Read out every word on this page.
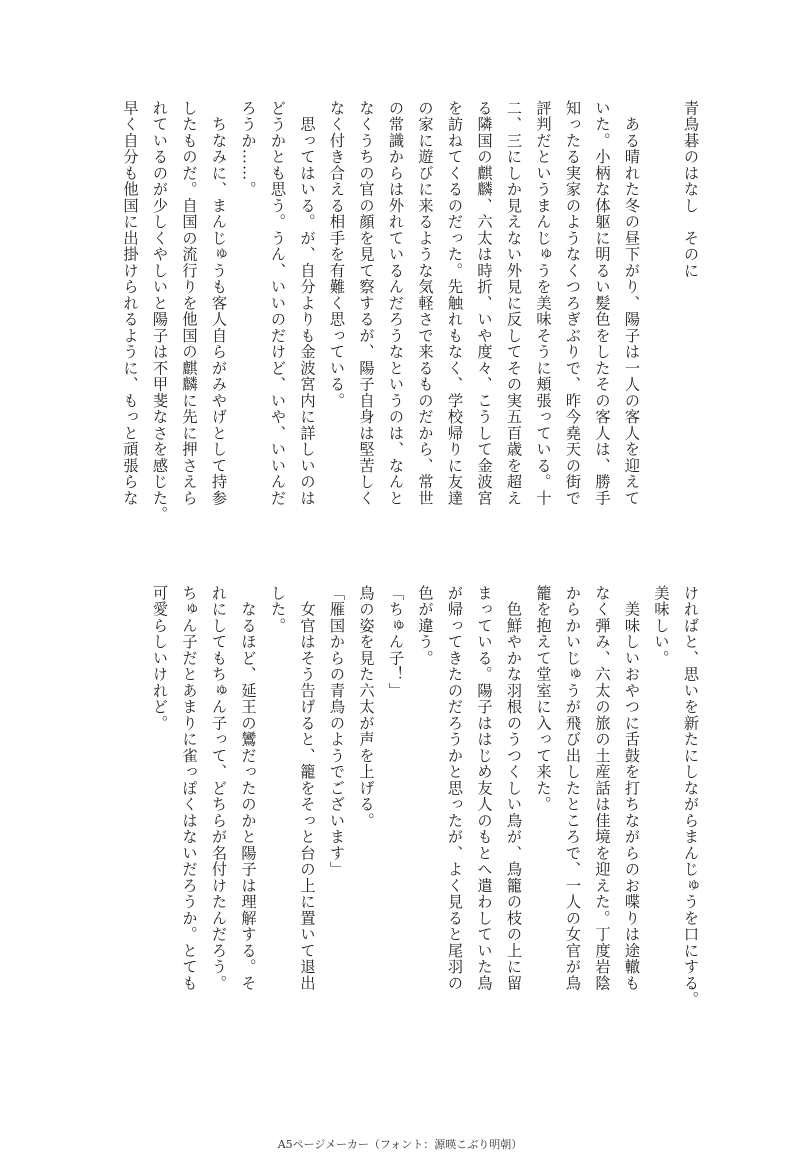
青鳥碁のはなし　そのに

　ある晴れた冬の昼下がり、陽子は一人の客人を迎えて
いた。小柄な体躯に明るい髪色をしたその客人は、勝手
知ったる実家のようなくつろぎぶりで、昨今堯天の街で
評判だというまんじゅうを美味そうに頬張っている。十
二、三にしか見えない外見に反してその実五百歳を超え
る隣国の麒麟、六太は時折、いや度々、こうして金波宮
を訪ねてくるのだった。先触れもなく、学校帰りに友達
の家に遊びに来るような気軽さで来るものだから、常世
の常識からは外れているんだろうなというのは、なんと
なくうちの官の顔を見て察するが、陽子自身は堅苦しく
なく付き合える相手を有難く思っている。
　思ってはいる。が、自分よりも金波宮内に詳しいのは
どうかとも思う。うん、いいのだけど、いや、いいんだ
ろうか……。
　ちなみに、まんじゅうも客人自らがみやげとして持参
したものだ。自国の流行りを他国の麒麟に先に押さえら
れているのが少しくやしいと陽子は不甲斐なさを感じた。
早く自分も他国に出掛けられるように、もっと頑張らな
ければと、思いを新たにしながらまんじゅうを口にする。
美味しい。
　美味しいおやつに舌鼓を打ちながらのお喋りは途轍も
なく弾み、六太の旅の土産話は佳境を迎えた。丁度岩陰
からかいじゅうが飛び出したところで、一人の女官が鳥
籠を抱えて堂室に入って来た。
　色鮮やかな羽根のうつくしい鳥が、鳥籠の枝の上に留
まっている。陽子ははじめ友人のもとへ遣わしていた鳥
が帰ってきたのだろうかと思ったが、よく見ると尾羽の
色が違う。
「ちゅん子！」
鳥の姿を見た六太が声を上げる。
「雁国からの青鳥のようでございます」
　女官はそう告げると、籠をそっと台の上に置いて退出
した。
　なるほど、延王の鸞だったのかと陽子は理解する。そ
れにしてもちゅん子って、どちらが名付けたんだろう。
ちゅん子だとあまりに雀っぽくはないだろうか。とても
可愛らしいけれど。
A5ページメーカー（フォント：源暎こぶり明朝）
